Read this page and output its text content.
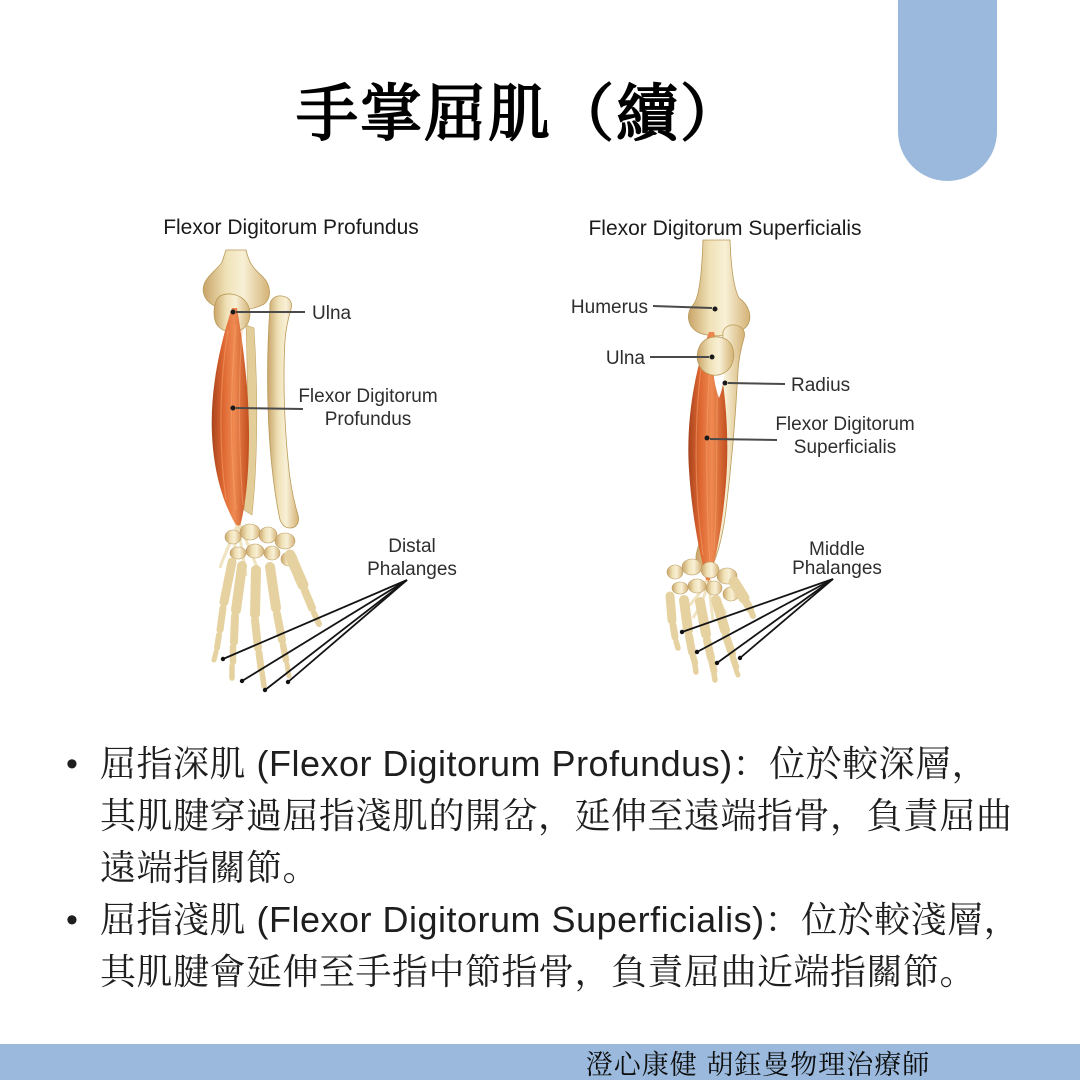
手掌屈肌（續）
Flexor Digitorum Profundus
Ulna
Flexor Digitorum
Profundus
Distal
Phalanges
Flexor Digitorum Superficialis
Humerus
Ulna
Radius
Flexor Digitorum
Superficialis
Middle
Phalanges
• 屈指深肌 (Flexor Digitorum Profundus)：位於較深層，
其肌腱穿過屈指淺肌的開岔，延伸至遠端指骨，負責屈曲
遠端指關節。
• 屈指淺肌 (Flexor Digitorum Superficialis)：位於較淺層，
其肌腱會延伸至手指中節指骨，負責屈曲近端指關節。
澄心康健 胡鈺曼物理治療師
